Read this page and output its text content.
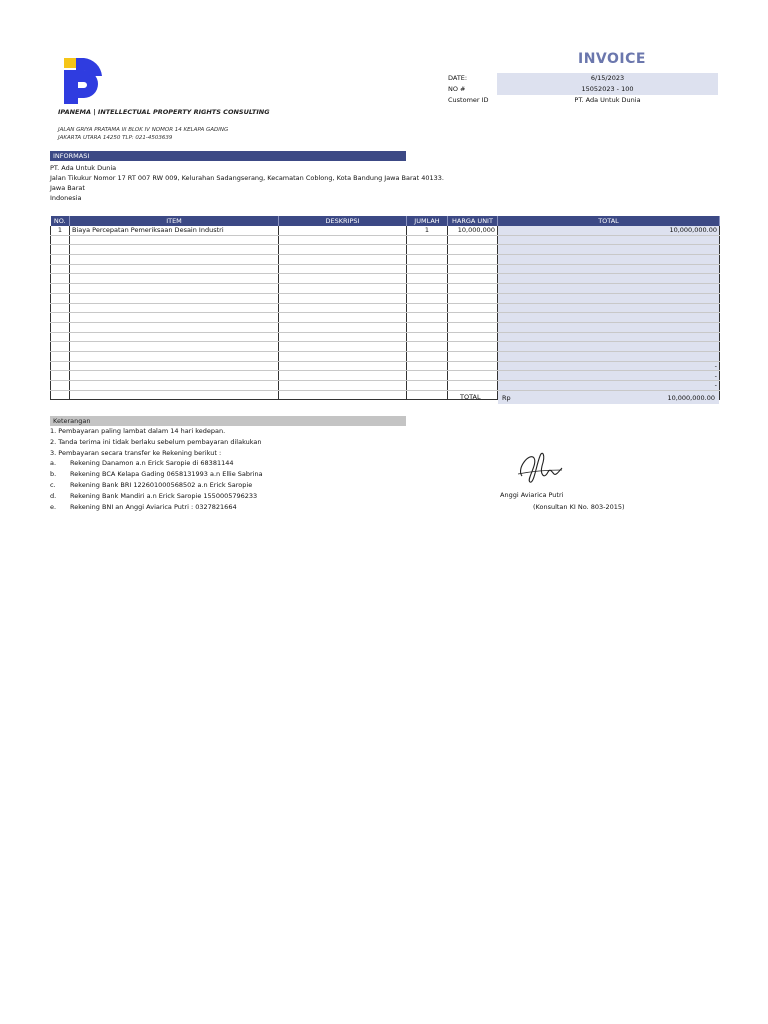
IPANEMA | INTELLECTUAL PROPERTY RIGHTS CONSULTING
JALAN GRIYA PRATAMA III BLOK IV NOMOR 14 KELAPA GADING
JAKARTA UTARA 14250 TLP: 021-4503639
INVOICE
DATE:	6/15/2023
NO #	15052023 - 100
Customer ID	PT. Ada Untuk Dunia
INFORMASI
PT. Ada Untuk Dunia
Jalan Tikukur Nomor 17 RT 007 RW 009, Kelurahan Sadangserang, Kecamatan Coblong, Kota Bandung Jawa Barat 40133.
Jawa Barat
Indonesia
NO.	ITEM	DESKRIPSI	JUMLAH	HARGA UNIT	TOTAL
1	Biaya Percepatan Pemeriksaan Desain Industri		1	10,000,000	10,000,000.00

					-
					-
					-

TOTAL	Rp	10,000,000.00
Keterangan
1. Pembayaran paling lambat dalam 14 hari kedepan.
2. Tanda terima ini tidak berlaku sebelum pembayaran dilakukan
3. Pembayaran secara transfer ke Rekening berikut :
a.	Rekening Danamon a.n Erick Saropie di 68381144
b.	Rekening BCA Kelapa Gading 0658131993 a.n Ellie Sabrina
c.	Rekening Bank BRI 122601000568502 a.n Erick Saropie
d.	Rekening Bank Mandiri a.n Erick Saropie 1550005796233
e.	Rekening BNI an Anggi Aviarica Putri : 0327821664
Anggi Aviarica Putri
(Konsultan KI No. 803-2015)
